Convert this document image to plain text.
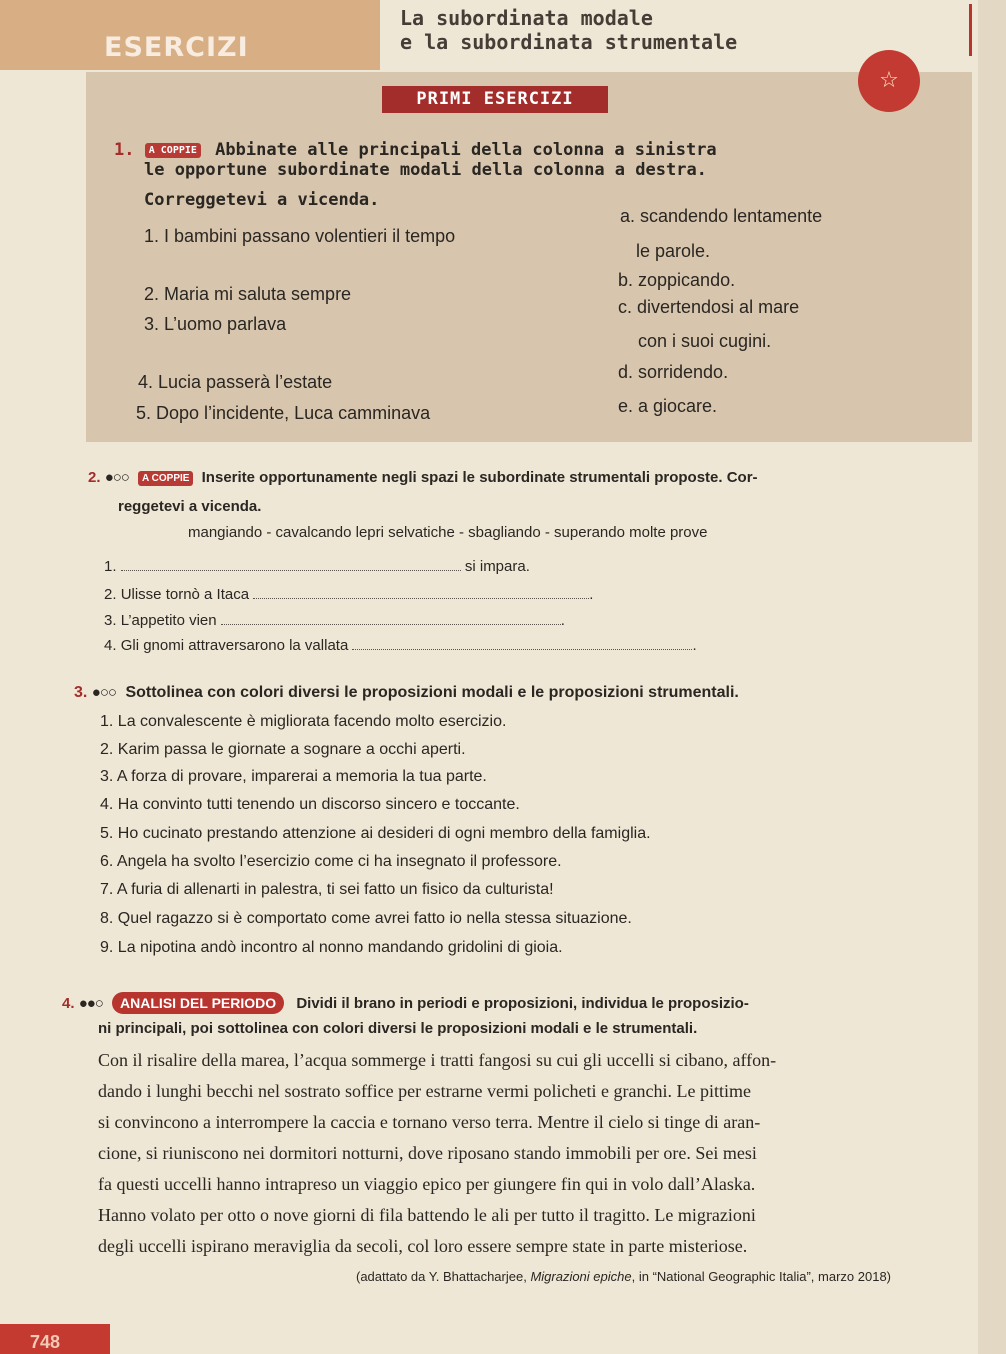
ESERCIZI
La subordinata modale
e la subordinata strumentale
PRIMI ESERCIZI
☆
1. A COPPIE Abbinate alle principali della colonna a sinistra
le opportune subordinate modali della colonna a destra.
Correggetevi a vicenda.
1. I bambini passano volentieri il tempo
2. Maria mi saluta sempre
3. L’uomo parlava
4. Lucia passerà l’estate
5. Dopo l’incidente, Luca camminava
a. scandendo lentamente
le parole.
b. zoppicando.
c. divertendosi al mare
con i suoi cugini.
d. sorridendo.
e. a giocare.
2. ●○○ A COPPIE Inserite opportunamente negli spazi le subordinate strumentali proposte. Cor-
reggetevi a vicenda.
mangiando - cavalcando lepri selvatiche - sbagliando - superando molte prove
1.	si impara.
2. Ulisse tornò a Itaca	.
3. L’appetito vien	.
4. Gli gnomi attraversarono la vallata	.
3. ●○○ Sottolinea con colori diversi le proposizioni modali e le proposizioni strumentali.
1. La convalescente è migliorata facendo molto esercizio.
2. Karim passa le giornate a sognare a occhi aperti.
3. A forza di provare, imparerai a memoria la tua parte.
4. Ha convinto tutti tenendo un discorso sincero e toccante.
5. Ho cucinato prestando attenzione ai desideri di ogni membro della famiglia.
6. Angela ha svolto l’esercizio come ci ha insegnato il professore.
7. A furia di allenarti in palestra, ti sei fatto un fisico da culturista!
8. Quel ragazzo si è comportato come avrei fatto io nella stessa situazione.
9. La nipotina andò incontro al nonno mandando gridolini di gioia.
4. ●●○ ANALISI DEL PERIODO Dividi il brano in periodi e proposizioni, individua le proposizio-
ni principali, poi sottolinea con colori diversi le proposizioni modali e le strumentali.
Con il risalire della marea, l’acqua sommerge i tratti fangosi su cui gli uccelli si cibano, affon-
dando i lunghi becchi nel sostrato soffice per estrarne vermi policheti e granchi. Le pittime
si convincono a interrompere la caccia e tornano verso terra. Mentre il cielo si tinge di aran-
cione, si riuniscono nei dormitori notturni, dove riposano stando immobili per ore. Sei mesi
fa questi uccelli hanno intrapreso un viaggio epico per giungere fin qui in volo dall’Alaska.
Hanno volato per otto o nove giorni di fila battendo le ali per tutto il tragitto. Le migrazioni
degli uccelli ispirano meraviglia da secoli, col loro essere sempre state in parte misteriose.
(adattato da Y. Bhattacharjee, Migrazioni epiche, in “National Geographic Italia”, marzo 2018)
748
